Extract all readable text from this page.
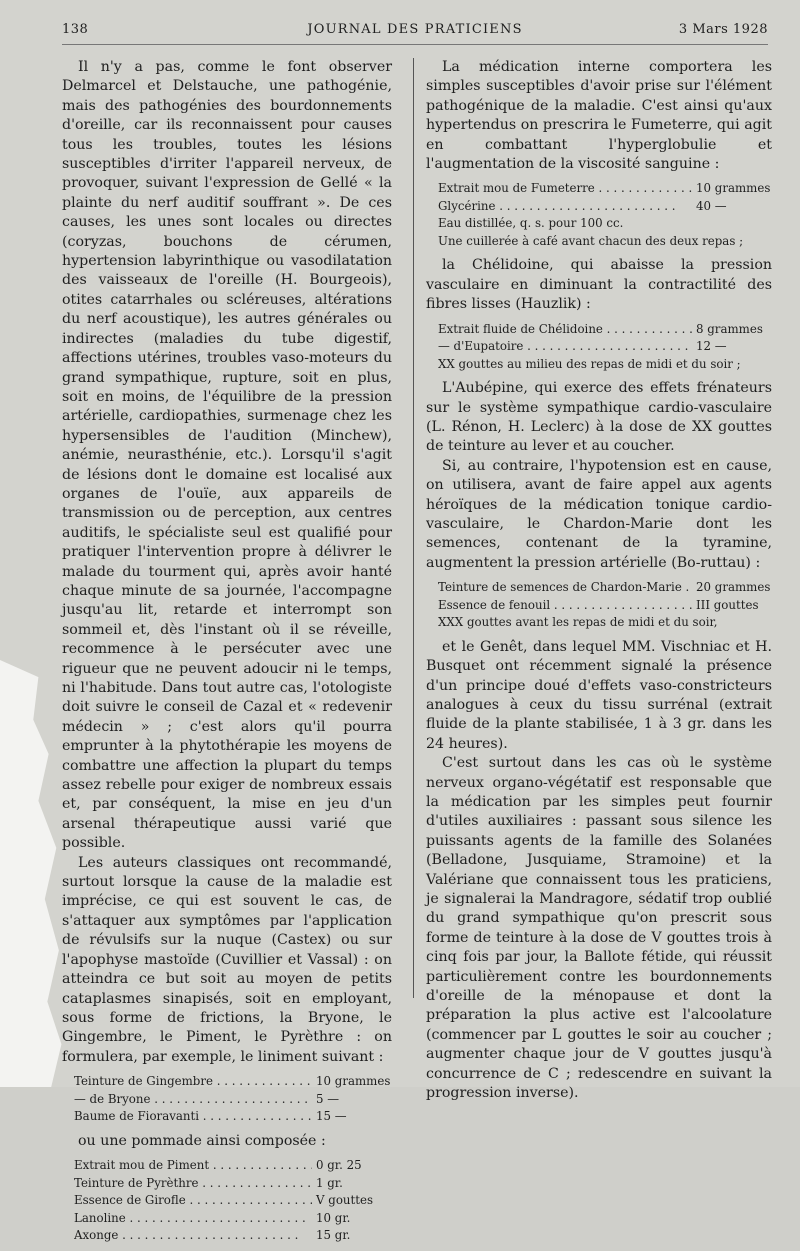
138	JOURNAL DES PRATICIENS	3 Mars 1928

Il n'y a pas, comme le font observer Delmarcel et Delstauche, une pathogénie, mais des pathogénies des bourdonnements d'oreille, car ils reconnaissent pour causes tous les troubles, toutes les lésions susceptibles d'irriter l'appareil nerveux, de provoquer, suivant l'expression de Gellé « la plainte du nerf auditif souffrant ». De ces causes, les unes sont locales ou directes (coryzas, bouchons de cérumen, hypertension labyrinthique ou vasodilatation des vaisseaux de l'oreille (H. Bourgeois), otites catarrhales ou scléreuses, altérations du nerf acoustique), les autres générales ou indirectes (maladies du tube digestif, affections utérines, troubles vaso-moteurs du grand sympathique, rupture, soit en plus, soit en moins, de l'équilibre de la pression artérielle, cardiopathies, surmenage chez les hypersensibles de l'audition (Minchew), anémie, neurasthénie, etc.). Lorsqu'il s'agit de lésions dont le domaine est localisé aux organes de l'ouïe, aux appareils de transmission ou de perception, aux centres auditifs, le spécialiste seul est qualifié pour pratiquer l'intervention propre à délivrer le malade du tourment qui, après avoir hanté chaque minute de sa journée, l'accompagne jusqu'au lit, retarde et interrompt son sommeil et, dès l'instant où il se réveille, recommence à le persécuter avec une rigueur que ne peuvent adoucir ni le temps, ni l'habitude. Dans tout autre cas, l'otologiste doit suivre le conseil de Cazal et « redevenir médecin » ; c'est alors qu'il pourra emprunter à la phytothérapie les moyens de combattre une affection la plupart du temps assez rebelle pour exiger de nombreux essais et, par conséquent, la mise en jeu d'un arsenal thérapeutique aussi varié que possible.

Les auteurs classiques ont recommandé, surtout lorsque la cause de la maladie est imprécise, ce qui est souvent le cas, de s'attaquer aux symptômes par l'application de révulsifs sur la nuque (Castex) ou sur l'apophyse mastoïde (Cuvillier et Vassal) : on atteindra ce but soit au moyen de petits cataplasmes sinapisés, soit en employant, sous forme de frictions, la Bryone, le Gingembre, le Piment, le Pyrèthre : on formulera, par exemple, le liniment suivant :

Teinture de Gingembre . . .	10 grammes
— de Bryone . . .	5 —
Baume de Fioravanti . . .	15 —

ou une pommade ainsi composée :

Extrait mou de Piment . . .	0 gr. 25
Teinture de Pyrèthre . . .	1 gr.
Essence de Girofle . . .	V gouttes
Lanoline . . .	10 gr.
Axonge . . .	15 gr.

La médication interne comportera les simples susceptibles d'avoir prise sur l'élément pathogénique de la maladie. C'est ainsi qu'aux hypertendus on prescrira le Fumeterre, qui agit en combattant l'hyperglobulie et l'augmentation de la viscosité sanguine :

Extrait mou de Fumeterre . . .	10 grammes
Glycérine . . .	40 —
Eau distillée, q. s. pour 100 cc.
Une cuillerée à café avant chacun des deux repas ;

la Chélidoine, qui abaisse la pression vasculaire en diminuant la contractilité des fibres lisses (Hauzlik) :

Extrait fluide de Chélidoine . . .	8 grammes
— d'Eupatoire . . .	12 —
XX gouttes au milieu des repas de midi et du soir ;

L'Aubépine, qui exerce des effets frénateurs sur le système sympathique cardio-vasculaire (L. Rénon, H. Leclerc) à la dose de XX gouttes de teinture au lever et au coucher.

Si, au contraire, l'hypotension est en cause, on utilisera, avant de faire appel aux agents héroïques de la médication tonique cardio-vasculaire, le Chardon-Marie dont les semences, contenant de la tyramine, augmentent la pression artérielle (Bo-ruttau) :

Teinture de semences de Chardon-Marie . . .	20 grammes
Essence de fenouil . . .	III gouttes
XXX gouttes avant les repas de midi et du soir,

et le Genêt, dans lequel MM. Vischniac et H. Busquet ont récemment signalé la présence d'un principe doué d'effets vaso-constricteurs analogues à ceux du tissu surrénal (extrait fluide de la plante stabilisée, 1 à 3 gr. dans les 24 heures).

C'est surtout dans les cas où le système nerveux organo-végétatif est responsable que la médication par les simples peut fournir d'utiles auxiliaires : passant sous silence les puissants agents de la famille des Solanées (Belladone, Jusquiame, Stramoine) et la Valériane que connaissent tous les praticiens, je signalerai la Mandragore, sédatif trop oublié du grand sympathique qu'on prescrit sous forme de teinture à la dose de V gouttes trois à cinq fois par jour, la Ballote fétide, qui réussit particulièrement contre les bourdonnements d'oreille de la ménopause et dont la préparation la plus active est l'alcoolature (commencer par L gouttes le soir au coucher ; augmenter chaque jour de V gouttes jusqu'à concurrence de C ; redescendre en suivant la progression inverse).
